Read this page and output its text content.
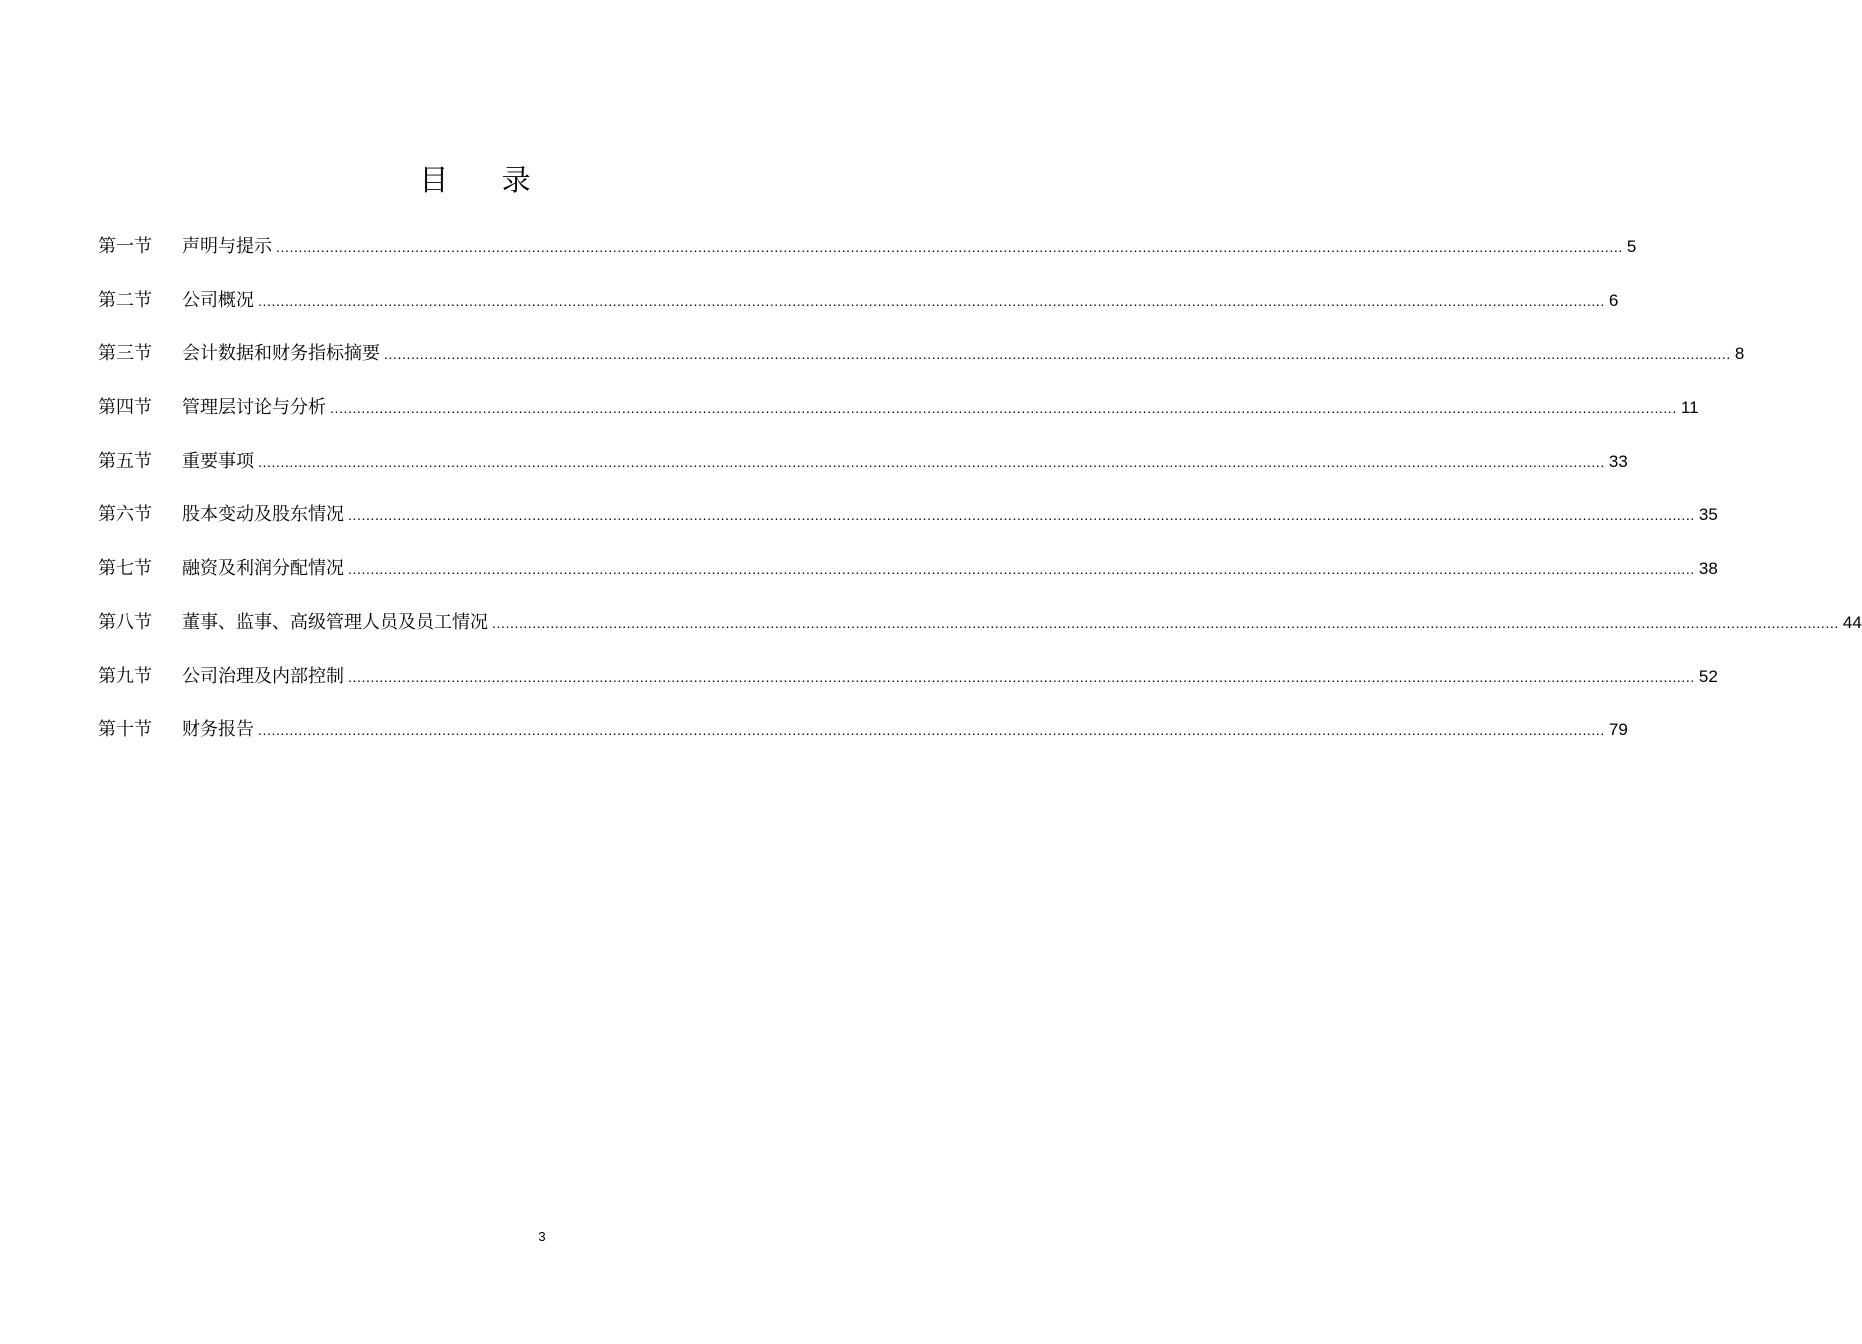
目 录
第一节	声明与提示 ............................................................................................................................................................................................................................................................................................................ 5
第二节	公司概况 ............................................................................................................................................................................................................................................................................................................ 6
第三节	会计数据和财务指标摘要 ............................................................................................................................................................................................................................................................................................................ 8
第四节	管理层讨论与分析 ............................................................................................................................................................................................................................................................................................................ 11
第五节	重要事项 ............................................................................................................................................................................................................................................................................................................ 33
第六节	股本变动及股东情况 ............................................................................................................................................................................................................................................................................................................ 35
第七节	融资及利润分配情况 ............................................................................................................................................................................................................................................................................................................ 38
第八节	董事、监事、高级管理人员及员工情况 ............................................................................................................................................................................................................................................................................................................ 44
第九节	公司治理及内部控制 ............................................................................................................................................................................................................................................................................................................ 52
第十节	财务报告 ............................................................................................................................................................................................................................................................................................................ 79
3
